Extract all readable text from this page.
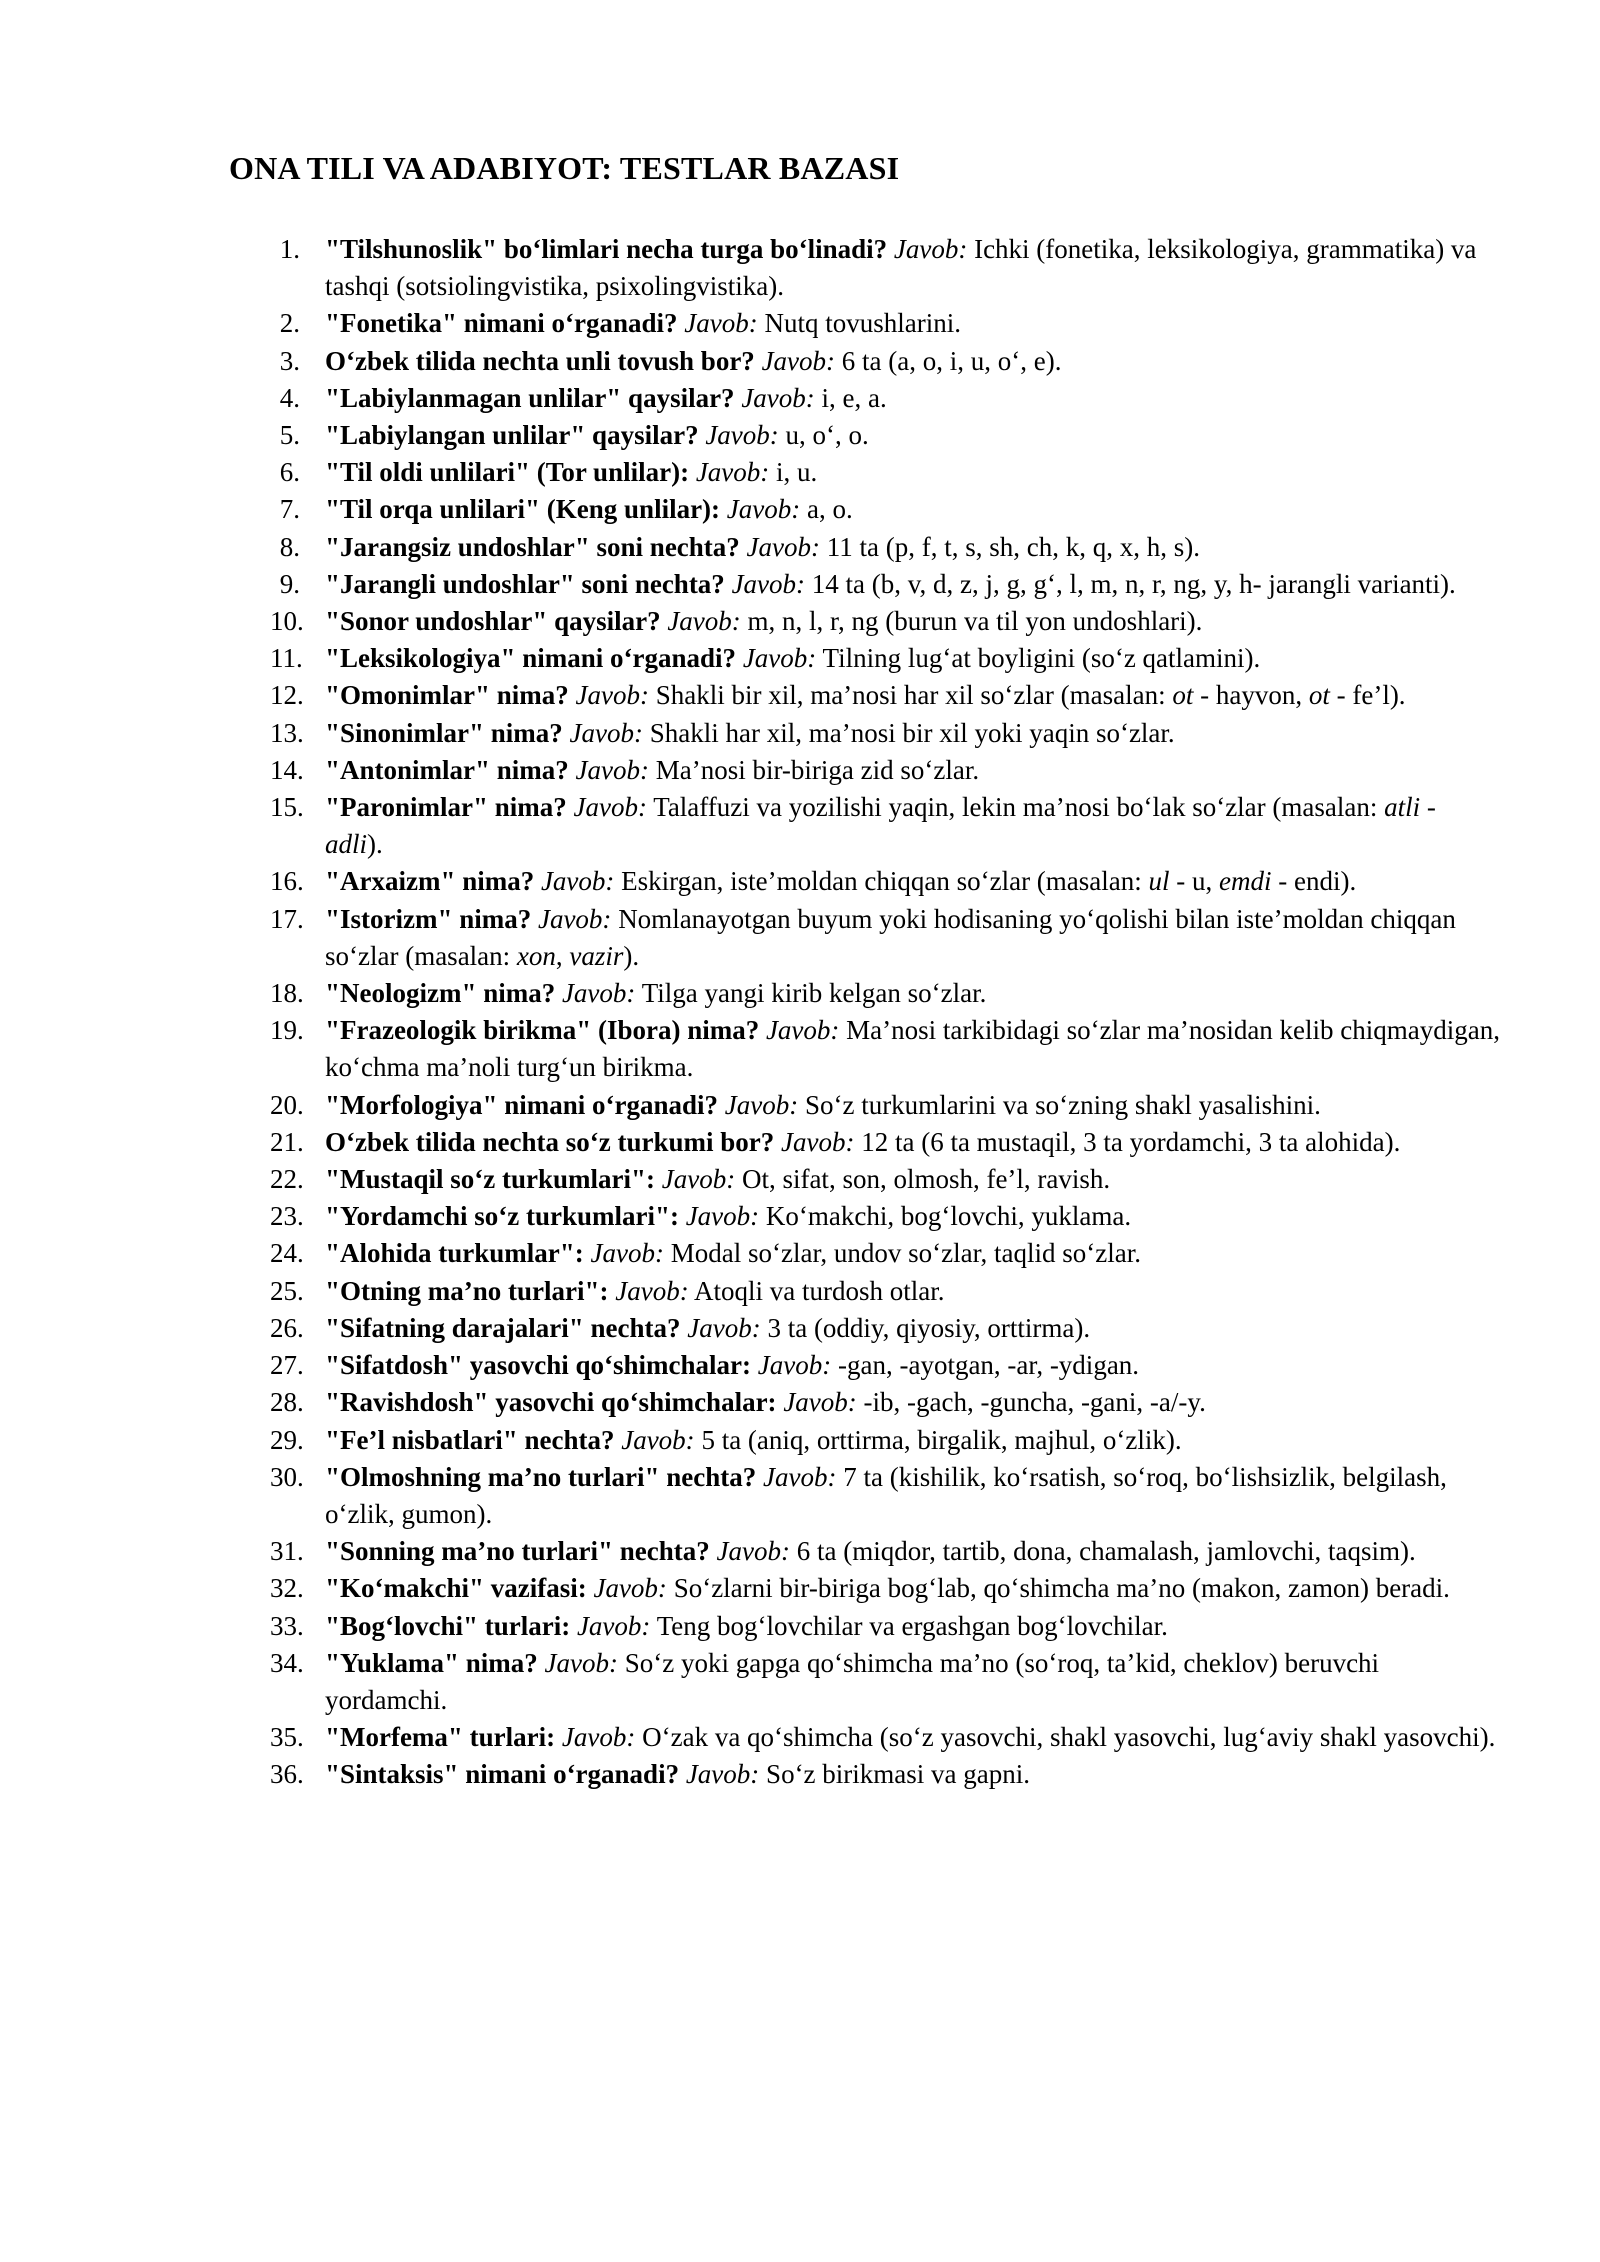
ONA TILI VA ADABIYOT: TESTLAR BAZASI
1. "Tilshunoslik" bo‘limlari necha turga bo‘linadi? Javob: Ichki (fonetika, leksikologiya, grammatika) va tashqi (sotsiolingvistika, psixolingvistika).
2. "Fonetika" nimani o‘rganadi? Javob: Nutq tovushlarini.
3. O‘zbek tilida nechta unli tovush bor? Javob: 6 ta (a, o, i, u, o‘, e).
4. "Labiylanmagan unlilar" qaysilar? Javob: i, e, a.
5. "Labiylangan unlilar" qaysilar? Javob: u, o‘, o.
6. "Til oldi unlilari" (Tor unlilar): Javob: i, u.
7. "Til orqa unlilari" (Keng unlilar): Javob: a, o.
8. "Jarangsiz undoshlar" soni nechta? Javob: 11 ta (p, f, t, s, sh, ch, k, q, x, h, s).
9. "Jarangli undoshlar" soni nechta? Javob: 14 ta (b, v, d, z, j, g, g‘, l, m, n, r, ng, y, h- jarangli varianti).
10. "Sonor undoshlar" qaysilar? Javob: m, n, l, r, ng (burun va til yon undoshlari).
11. "Leksikologiya" nimani o‘rganadi? Javob: Tilning lug‘at boyligini (so‘z qatlamini).
12. "Omonimlar" nima? Javob: Shakli bir xil, ma’nosi har xil so‘zlar (masalan: ot - hayvon, ot - fe’l).
13. "Sinonimlar" nima? Javob: Shakli har xil, ma’nosi bir xil yoki yaqin so‘zlar.
14. "Antonimlar" nima? Javob: Ma’nosi bir-biriga zid so‘zlar.
15. "Paronimlar" nima? Javob: Talaffuzi va yozilishi yaqin, lekin ma’nosi bo‘lak so‘zlar (masalan: atli - adli).
16. "Arxaizm" nima? Javob: Eskirgan, iste’moldan chiqqan so‘zlar (masalan: ul - u, emdi - endi).
17. "Istorizm" nima? Javob: Nomlanayotgan buyum yoki hodisaning yo‘qolishi bilan iste’moldan chiqqan so‘zlar (masalan: xon, vazir).
18. "Neologizm" nima? Javob: Tilga yangi kirib kelgan so‘zlar.
19. "Frazeologik birikma" (Ibora) nima? Javob: Ma’nosi tarkibidagi so‘zlar ma’nosidan kelib chiqmaydigan, ko‘chma ma’noli turg‘un birikma.
20. "Morfologiya" nimani o‘rganadi? Javob: So‘z turkumlarini va so‘zning shakl yasalishini.
21. O‘zbek tilida nechta so‘z turkumi bor? Javob: 12 ta (6 ta mustaqil, 3 ta yordamchi, 3 ta alohida).
22. "Mustaqil so‘z turkumlari": Javob: Ot, sifat, son, olmosh, fe’l, ravish.
23. "Yordamchi so‘z turkumlari": Javob: Ko‘makchi, bog‘lovchi, yuklama.
24. "Alohida turkumlar": Javob: Modal so‘zlar, undov so‘zlar, taqlid so‘zlar.
25. "Otning ma’no turlari": Javob: Atoqli va turdosh otlar.
26. "Sifatning darajalari" nechta? Javob: 3 ta (oddiy, qiyosiy, orttirma).
27. "Sifatdosh" yasovchi qo‘shimchalar: Javob: -gan, -ayotgan, -ar, -ydigan.
28. "Ravishdosh" yasovchi qo‘shimchalar: Javob: -ib, -gach, -guncha, -gani, -a/-y.
29. "Fe’l nisbatlari" nechta? Javob: 5 ta (aniq, orttirma, birgalik, majhul, o‘zlik).
30. "Olmoshning ma’no turlari" nechta? Javob: 7 ta (kishilik, ko‘rsatish, so‘roq, bo‘lishsizlik, belgilash, o‘zlik, gumon).
31. "Sonning ma’no turlari" nechta? Javob: 6 ta (miqdor, tartib, dona, chamalash, jamlovchi, taqsim).
32. "Ko‘makchi" vazifasi: Javob: So‘zlarni bir-biriga bog‘lab, qo‘shimcha ma’no (makon, zamon) beradi.
33. "Bog‘lovchi" turlari: Javob: Teng bog‘lovchilar va ergashgan bog‘lovchilar.
34. "Yuklama" nima? Javob: So‘z yoki gapga qo‘shimcha ma’no (so‘roq, ta’kid, cheklov) beruvchi yordamchi.
35. "Morfema" turlari: Javob: O‘zak va qo‘shimcha (so‘z yasovchi, shakl yasovchi, lug‘aviy shakl yasovchi).
36. "Sintaksis" nimani o‘rganadi? Javob: So‘z birikmasi va gapni.
